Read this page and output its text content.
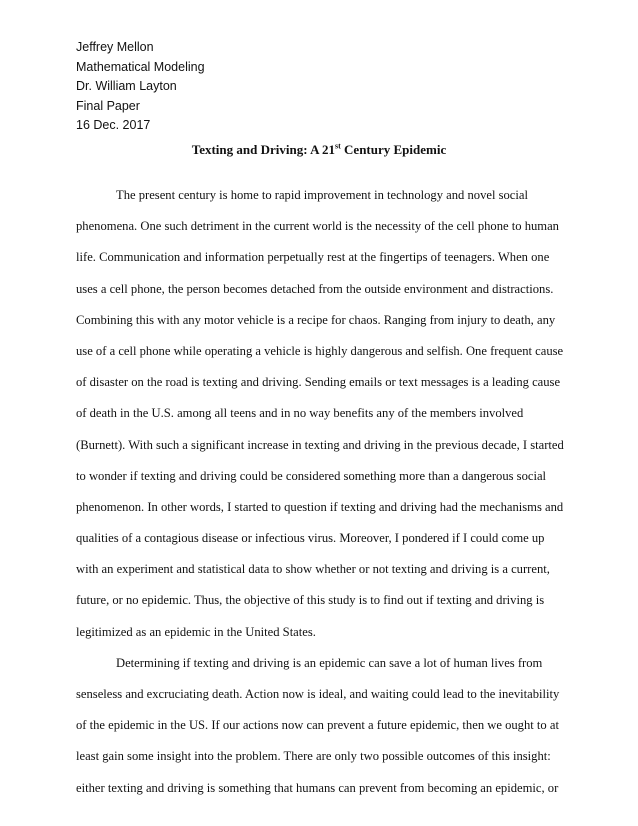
Jeffrey Mellon
Mathematical Modeling
Dr. William Layton
Final Paper
16 Dec. 2017
Texting and Driving: A 21st Century Epidemic
The present century is home to rapid improvement in technology and novel social
phenomena. One such detriment in the current world is the necessity of the cell phone to human
life. Communication and information perpetually rest at the fingertips of teenagers. When one
uses a cell phone, the person becomes detached from the outside environment and distractions.
Combining this with any motor vehicle is a recipe for chaos. Ranging from injury to death, any
use of a cell phone while operating a vehicle is highly dangerous and selfish. One frequent cause
of disaster on the road is texting and driving. Sending emails or text messages is a leading cause
of death in the U.S. among all teens and in no way benefits any of the members involved
(Burnett). With such a significant increase in texting and driving in the previous decade, I started
to wonder if texting and driving could be considered something more than a dangerous social
phenomenon. In other words, I started to question if texting and driving had the mechanisms and
qualities of a contagious disease or infectious virus. Moreover, I pondered if I could come up
with an experiment and statistical data to show whether or not texting and driving is a current,
future, or no epidemic. Thus, the objective of this study is to find out if texting and driving is
legitimized as an epidemic in the United States.
Determining if texting and driving is an epidemic can save a lot of human lives from
senseless and excruciating death. Action now is ideal, and waiting could lead to the inevitability
of the epidemic in the US. If our actions now can prevent a future epidemic, then we ought to at
least gain some insight into the problem. There are only two possible outcomes of this insight:
either texting and driving is something that humans can prevent from becoming an epidemic, or
